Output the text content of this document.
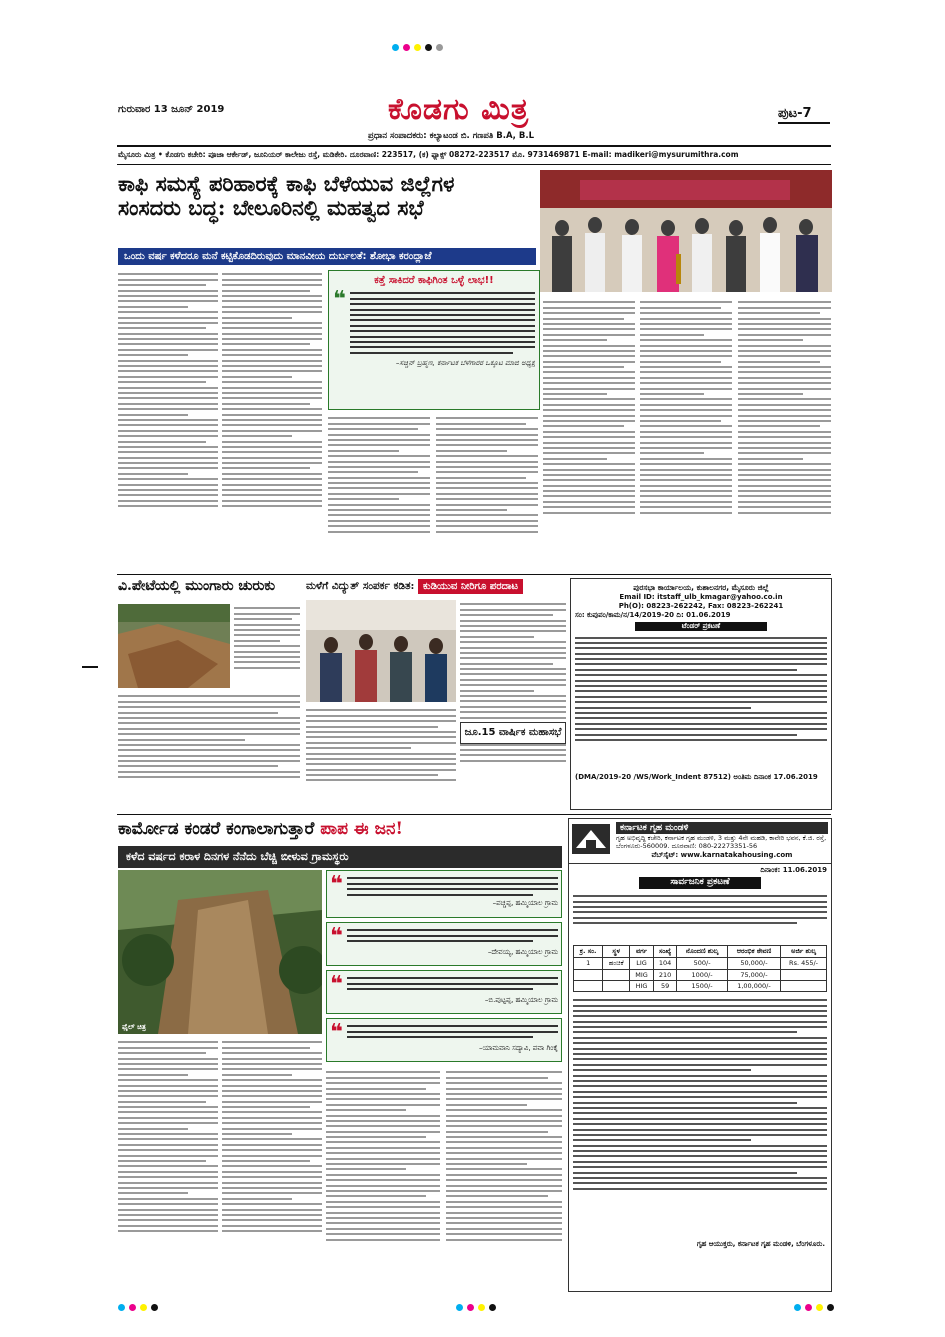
ಗುರುವಾರ 13 ಜೂನ್ 2019	ಕೊಡಗು ಮಿತ್ರ	ಪುಟ-7
ಪ್ರಧಾನ ಸಂಪಾದಕರು: ಕಲ್ಯಾಟಂಡ ಬಿ. ಗಣಪತಿ B.A, B.L
ಮೈಸೂರು ಮಿತ್ರ • ಕೊಡಗು ಕಚೇರಿ: ಪೂಜಾ ಆರ್ಕೇಡ್, ಜೂನಿಯರ್ ಕಾಲೇಜು ರಸ್ತೆ, ಮಡಿಕೇರಿ. ದೂರವಾಣಿ: 223517, (ಕ) ಫ್ಯಾಕ್ಸ್ 08272-223517 ಮೊ. 9731469871 E-mail: madikeri@mysurumithra.com
ಕಾಫಿ ಸಮಸ್ಯೆ ಪರಿಹಾರಕ್ಕೆ ಕಾಫಿ ಬೆಳೆಯುವ ಜಿಲ್ಲೆಗಳ
ಸಂಸದರು ಬದ್ಧ: ಬೇಲೂರಿನಲ್ಲಿ ಮಹತ್ವದ ಸಭೆ
ಒಂದು ವರ್ಷ ಕಳೆದರೂ ಮನೆ ಕಟ್ಟಿಕೊಡದಿರುವುದು ಮಾನವೀಯ ದುರ್ಬಲತೆ: ಶೋಭಾ ಕರಂದ್ಲಾಜೆ
ಕತ್ತೆ ಸಾಕಿದರೆ ಕಾಫಿಗಿಂತ ಒಳ್ಳೆ ಲಾಭ!!
❝
–ಸಚ್ಚಿನ್ ಬ್ರಹ್ಮಣ, ಕರ್ನಾಟಕ ಬೆಳೆಗಾರರ ಒಕ್ಕೂಟ ಮಾಜಿ ಅಧ್ಯಕ್ಷ
ವಿ.ಪೇಟೆಯಲ್ಲಿ ಮುಂಗಾರು ಚುರುಕು	ಮಳೆಗೆ ವಿದ್ಯುತ್ ಸಂಪರ್ಕ ಕಡಿತ: ಕುಡಿಯುವ ನೀರಿಗೂ ಪರದಾಟ
ಜೂ.15 ವಾರ್ಷಿಕ ಮಹಾಸಭೆ
ಪುರಸಭಾ ಕಾರ್ಯಾಲಯ, ಕುಶಾಲನಗರ, ಮೈಸೂರು ಜಿಲ್ಲೆ
Email ID: itstaff_ulb_kmagar@yahoo.co.in
Ph(O): 08223-262242, Fax: 08223-262241
ಸಂ: ಕುಪುಪಂ/ಕಾಮ/ನ/14/2019-20 ದಿ: 01.06.2019
ಟೆಂಡರ್ ಪ್ರಕಟಣೆ
(DMA/2019-20 /WS/Work_Indent 87512) ಅಂತಿಮ ದಿನಾಂಕ 17.06.2019
ಕಾರ್ಮೋಡ ಕಂಡರೆ ಕಂಗಾಲಾಗುತ್ತಾರೆ ಪಾಪ ಈ ಜನ!
ಕಳೆದ ವರ್ಷದ ಕರಾಳ ದಿನಗಳ ನೆನೆದು ಬೆಚ್ಚಿ ಬೀಳುವ ಗ್ರಾಮಸ್ಥರು
ಫೈಲ್ ಚಿತ್ರ
❝
–ಪಚ್ಚಪ್ಪ, ಹಮ್ಮಿಯಾಲ ಗ್ರಾಮ
❝
–ದೇವಯ್ಯ, ಹಮ್ಮಿಯಾಲ ಗ್ರಾಮ
❝
–ಬಿ.ಪುಟ್ಟಪ್ಪ, ಹಮ್ಮಿಯಾಲ ಗ್ರಾಮ
❝
–ಯಾಮವಾನಿ ಸದ್ಯಾವಿ, ಪವಾ ಗಿಂಕೈ
ಕರ್ನಾಟಕ ಗೃಹ ಮಂಡಳಿ
ಗೃಹ ಅಭಿವೃದ್ಧಿ ಕಚೇರಿ, ಕರ್ನಾಟಕ ಗೃಹ ಮಂಡಳಿ, 3 ಮತ್ತು 4ನೇ ಮಹಡಿ, ಕಾವೇರಿ ಭವನ, ಕೆ.ಜಿ. ರಸ್ತೆ, ಬೆಂಗಳೂರು-560009. ದೂರವಾಣಿ: 080-22273351-56
ವೆಬ್‌ಸೈಟ್: www.karnatakahousing.com
ದಿನಾಂಕ: 11.06.2019
ಸಾರ್ವಜನಿಕ ಪ್ರಕಟಣೆ
ಕ್ರ. ಸಂ.	ಸ್ಥಳ	ವರ್ಗ	ಸಂಖ್ಯೆ	ನೊಂದಣಿ ಶುಲ್ಕ	ಆರಂಭಿಕ ಠೇವಣಿ	ಅರ್ಜಿ ಶುಲ್ಕ
1	ಹಂಚಿಕೆ	LIG	104	500/-	50,000/-	Rs. 455/-
		MIG	210	1000/-	75,000/-	
		HIG	59	1500/-	1,00,000/-	
ಗೃಹ ಆಯುಕ್ತರು, ಕರ್ನಾಟಕ ಗೃಹ ಮಂಡಳಿ, ಬೆಂಗಳೂರು.
